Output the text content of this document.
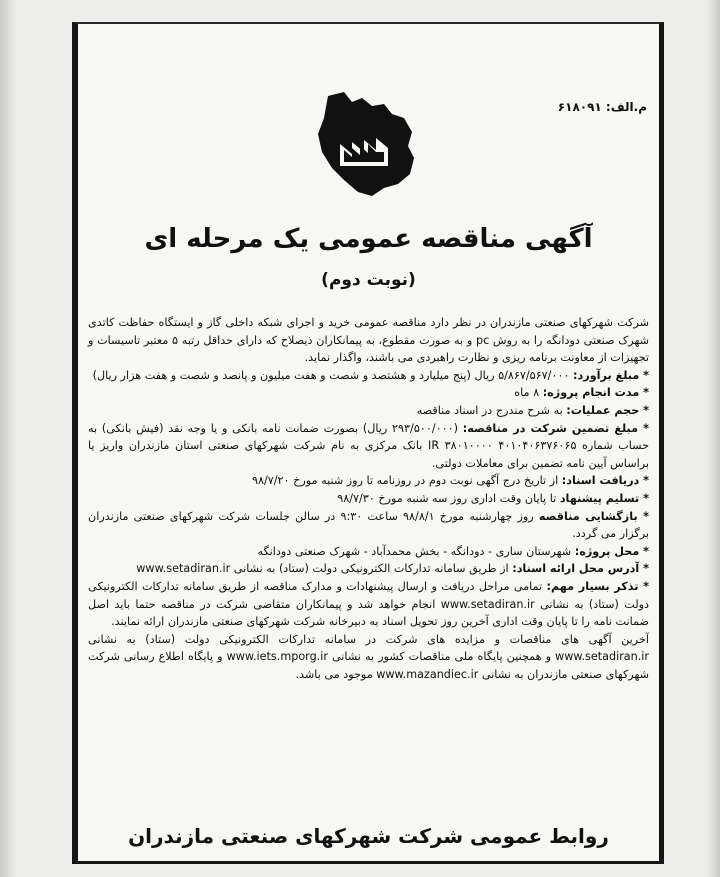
م.الف: ۶۱۸۰۹۱
آگهی مناقصه عمومی یک مرحله ای
(نوبت دوم)

شرکت شهرکهای صنعتی مازندران در نظر دارد مناقصه عمومی خرید و اجرای شبکه داخلی گاز و ایستگاه حفاظت کاتدی شهرک صنعتی دودانگه را به روش pc و به صورت مقطوع، به پیمانکاران ذیصلاح که دارای حداقل رتبه ۵ معتبر تاسیسات و تجهیزات از معاونت برنامه ریزی و نظارت راهبردی می باشند، واگذار نماید.

* مبلغ برآورد: ۵/۸۶۷/۵۶۷/۰۰۰ ریال (پنج میلیارد و هشتصد و شصت و هفت میلیون و پانصد و شصت و هفت هزار ریال)

* مدت انجام پروژه: ۸ ماه

* حجم عملیات: به شرح مندرج در اسناد مناقصه

* مبلغ تضمین شرکت در مناقصه: (۲۹۳/۵۰۰/۰۰۰ ریال) بصورت ضمانت نامه بانکی و یا وجه نقد (فیش بانکی) به حساب شماره ۴۰۱۰۴۰۶۳۷۶۰۶۵ IR ۳۸۰۱۰۰۰۰ بانک مرکزی به نام شرکت شهرکهای صنعتی استان مازندران واریز یا براساس آیین نامه تضمین برای معاملات دولتی.

* دریافت اسناد: از تاریخ درج آگهی نوبت دوم در روزنامه تا روز شنبه مورخ ۹۸/۷/۲۰

* تسلیم پیشنهاد تا پایان وقت اداری روز سه شنبه مورخ ۹۸/۷/۳۰

* بازگشایی مناقصه روز چهارشنبه مورخ ۹۸/۸/۱ ساعت ۹:۳۰ در سالن جلسات شرکت شهرکهای صنعتی مازندران برگزار می گردد.

* محل پروژه: شهرستان ساری - دودانگه - بخش محمدآباد - شهرک صنعتی دودانگه

* آدرس محل ارائه اسناد: از طریق سامانه تدارکات الکترونیکی دولت (ستاد) به نشانی www.setadiran.ir

* تذکر بسیار مهم: تمامی مراحل دریافت و ارسال پیشنهادات و مدارک مناقصه از طریق سامانه تدارکات الکترونیکی دولت (ستاد) به نشانی www.setadiran.ir انجام خواهد شد و پیمانکاران متقاضی شرکت در مناقصه حتما باید اصل ضمانت نامه را تا پایان وقت اداری آخرین روز تحویل اسناد به دبیرخانه شرکت شهرکهای صنعتی مازندران ارائه نمایند.

آخرین آگهی های مناقصات و مزایده های شرکت در سامانه تدارکات الکترونیکی دولت (ستاد) به نشانی www.setadiran.ir و همچنین پایگاه ملی مناقصات کشور به نشانی www.iets.mporg.ir و پایگاه اطلاع رسانی شرکت شهرکهای صنعتی مازندران به نشانی www.mazandiec.ir موجود می باشد.

روابط عمومی شرکت شهرکهای صنعتی مازندران
